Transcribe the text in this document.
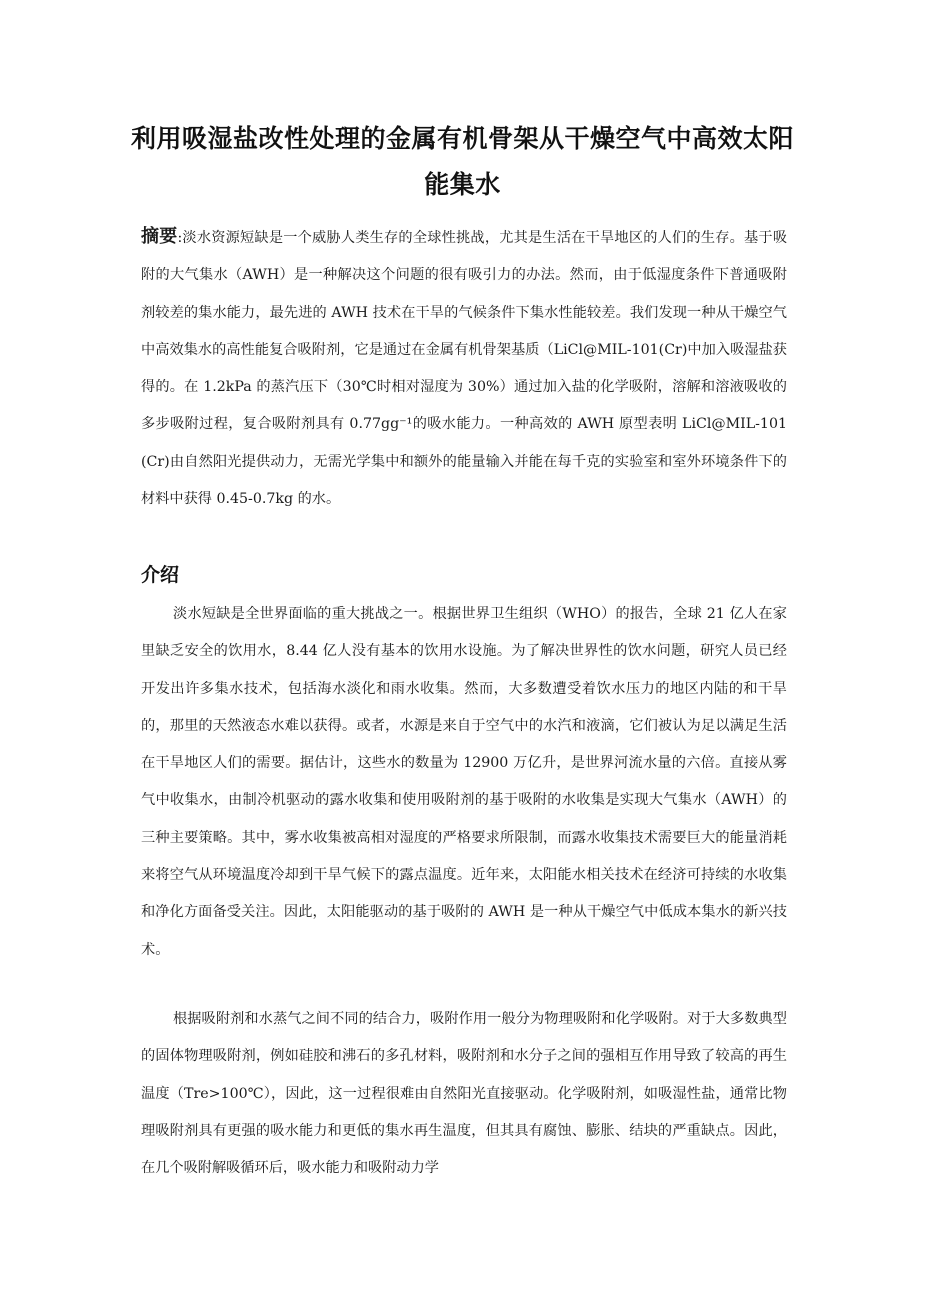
利用吸湿盐改性处理的金属有机骨架从干燥空气中高效太阳能集水
摘要:淡水资源短缺是一个威胁人类生存的全球性挑战，尤其是生活在干旱地区的人们的生存。基于吸附的大气集水（AWH）是一种解决这个问题的很有吸引力的办法。然而，由于低湿度条件下普通吸附剂较差的集水能力，最先进的 AWH 技术在干旱的气候条件下集水性能较差。我们发现一种从干燥空气中高效集水的高性能复合吸附剂，它是通过在金属有机骨架基质（LiCl@MIL-101(Cr)中加入吸湿盐获得的。在 1.2kPa 的蒸汽压下（30℃时相对湿度为 30%）通过加入盐的化学吸附，溶解和溶液吸收的多步吸附过程，复合吸附剂具有 0.77gg⁻¹的吸水能力。一种高效的 AWH 原型表明 LiCl@MIL-101(Cr)由自然阳光提供动力，无需光学集中和额外的能量输入并能在每千克的实验室和室外环境条件下的材料中获得 0.45-0.7kg 的水。
介绍

淡水短缺是全世界面临的重大挑战之一。根据世界卫生组织（WHO）的报告，全球 21 亿人在家里缺乏安全的饮用水，8.44 亿人没有基本的饮用水设施。为了解决世界性的饮水问题，研究人员已经开发出许多集水技术，包括海水淡化和雨水收集。然而，大多数遭受着饮水压力的地区内陆的和干旱的，那里的天然液态水难以获得。或者，水源是来自于空气中的水汽和液滴，它们被认为足以满足生活在干旱地区人们的需要。据估计，这些水的数量为 12900 万亿升，是世界河流水量的六倍。直接从雾气中收集水，由制冷机驱动的露水收集和使用吸附剂的基于吸附的水收集是实现大气集水（AWH）的三种主要策略。其中，雾水收集被高相对湿度的严格要求所限制，而露水收集技术需要巨大的能量消耗来将空气从环境温度冷却到干旱气候下的露点温度。近年来，太阳能水相关技术在经济可持续的水收集和净化方面备受关注。因此，太阳能驱动的基于吸附的 AWH 是一种从干燥空气中低成本集水的新兴技术。

根据吸附剂和水蒸气之间不同的结合力，吸附作用一般分为物理吸附和化学吸附。对于大多数典型的固体物理吸附剂，例如硅胶和沸石的多孔材料，吸附剂和水分子之间的强相互作用导致了较高的再生温度（Tre>100℃），因此，这一过程很难由自然阳光直接驱动。化学吸附剂，如吸湿性盐，通常比物理吸附剂具有更强的吸水能力和更低的集水再生温度，但其具有腐蚀、膨胀、结块的严重缺点。因此，在几个吸附解吸循环后，吸水能力和吸附动力学
